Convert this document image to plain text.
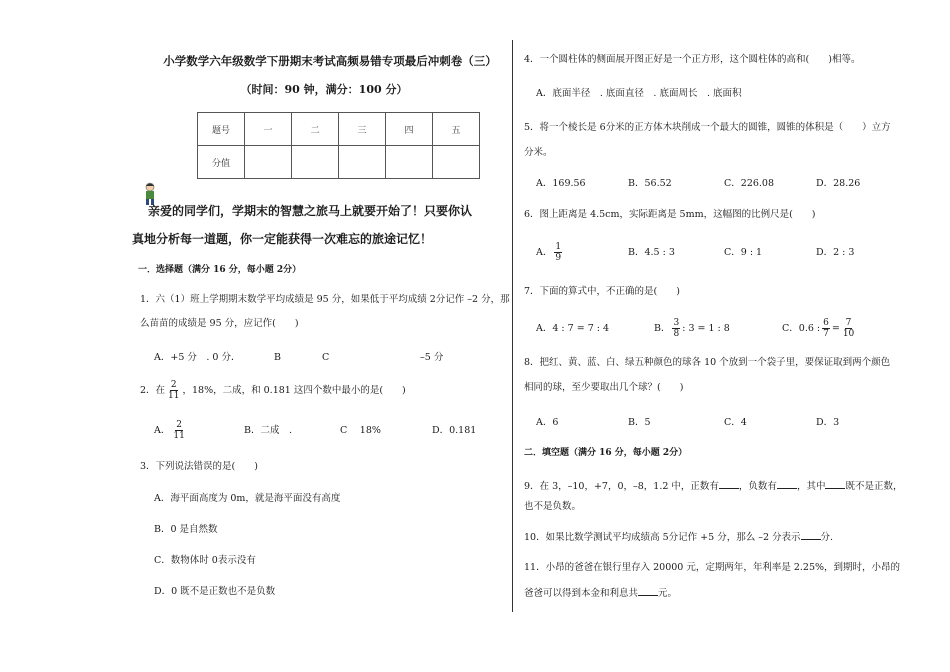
小学数学六年级数学下册期末考试高频易错专项最后冲刺卷（三）
（时间：90 钟，满分：100 分）
题号	一	二	三	四	五
分值					
亲爱的同学们，学期末的智慧之旅马上就要开始了！只要你认
真地分析每一道题，你一定能获得一次难忘的旅途记忆！
一．选择题（满分 16 分，每小题 2分）
1．六（1）班上学期期末数学平均成绩是 95 分，如果低于平均成绩 2分记作 –2 分，那
么苗苗的成绩是 95 分，应记作(　　)
A．+5 分　. 0 分．	B	C	–5 分
2．在 $\frac{2}{11}$ ，18%，二成，和 0.181 这四个数中最小的是(　　)
A． $\frac{2}{11}$	B．二成　.	C　 18%	D．0.181
3．下列说法错误的是(　　)
A．海平面高度为 0m，就是海平面没有高度
B．0 是自然数
C．数物体时 0表示没有
D．0 既不是正数也不是负数
4．一个圆柱体的侧面展开图正好是一个正方形，这个圆柱体的高和(　　)相等。
A．底面半径　. 底面直径　. 底面周长　. 底面积
5．将一个棱长是 6分米的正方体木块削成一个最大的圆锥，圆锥的体积是（　　）立方
分米。
A．169.56	B．56.52	C．226.08	D．28.26
6．图上距离是 4.5cm，实际距离是 5mm，这幅图的比例尺是(　　)
A． $\frac{1}{9}$	B．4.5 : 3	C．9 : 1	D．2 : 3
7．下面的算式中，不正确的是(　　)
A．4 : 7 = 7 : 4	B． $\frac{3}{8}$ : 3 = 1 : 8	C．0.6 : $\frac{6}{7} = \frac{7}{10}$
8．把红、黄、蓝、白、绿五种颜色的球各 10 个放到一个袋子里，要保证取到两个颜色
相同的球，至少要取出几个球？(　　)
A．6	B．5	C．4	D．3
二．填空题（满分 16 分，每小题 2分）
9．在 3，–10，+7，0，–8，1.2 中，正数有 ，负数有 ，其中 既不是正数，
也不是负数。
10．如果比数学测试平均成绩高 5分记作 +5 分，那么 –2 分表示 分.
11．小昂的爸爸在银行里存入 20000 元，定期两年，年利率是 2.25%，到期时，小昂的
爸爸可以得到本金和利息共 元。
